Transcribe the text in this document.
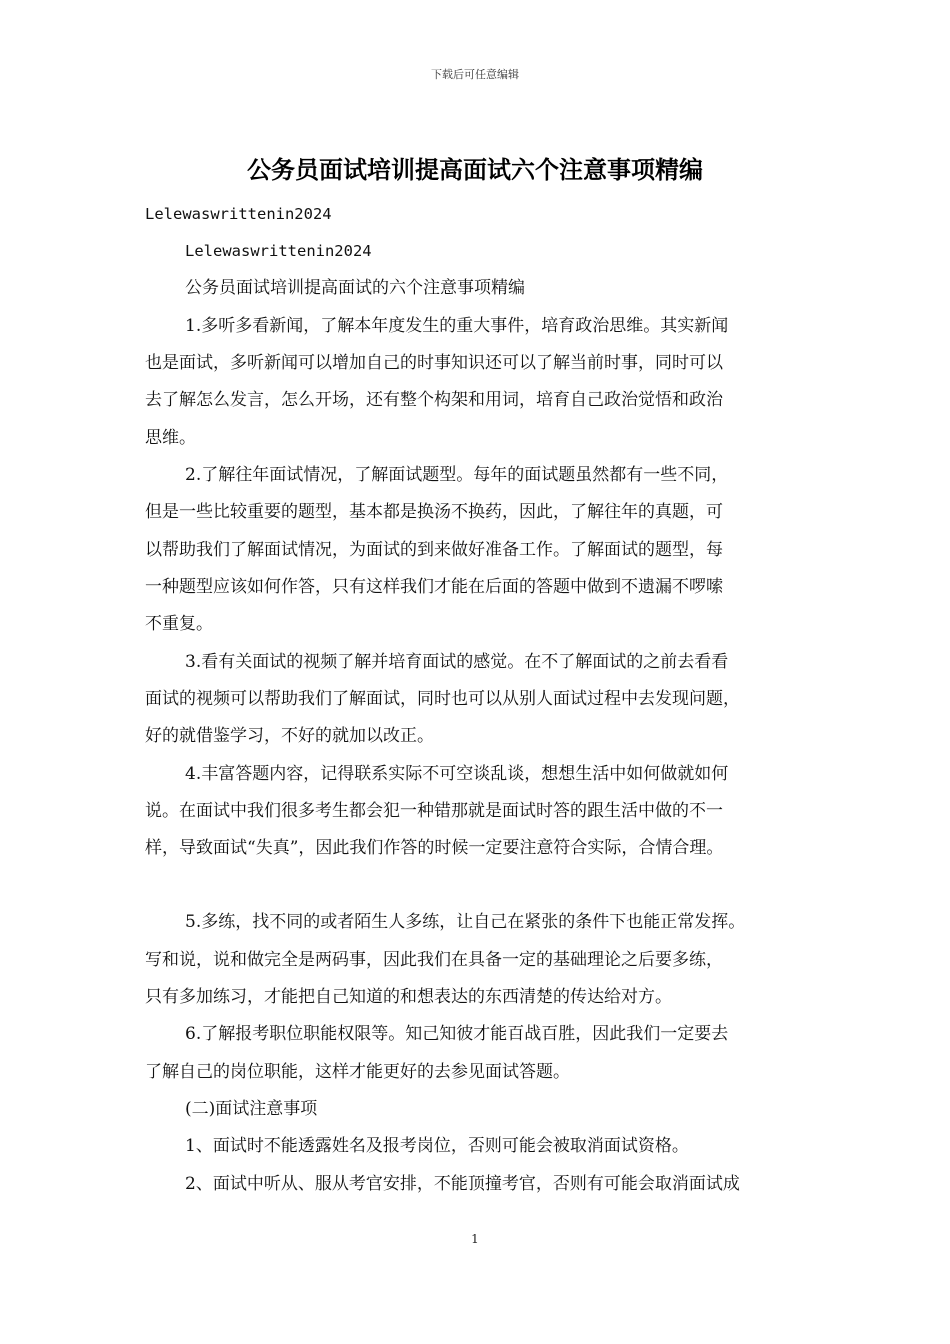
下载后可任意编辑
公务员面试培训提高面试六个注意事项精编
Lelewaswrittenin2024
Lelewaswrittenin2024
公务员面试培训提高面试的六个注意事项精编
1.多听多看新闻，了解本年度发生的重大事件，培育政治思维。其实新闻
也是面试，多听新闻可以增加自己的时事知识还可以了解当前时事，同时可以
去了解怎么发言，怎么开场，还有整个构架和用词，培育自己政治觉悟和政治
思维。
2.了解往年面试情况，了解面试题型。每年的面试题虽然都有一些不同，
但是一些比较重要的题型，基本都是换汤不换药，因此，了解往年的真题，可
以帮助我们了解面试情况，为面试的到来做好准备工作。了解面试的题型，每
一种题型应该如何作答，只有这样我们才能在后面的答题中做到不遗漏不啰嗦
不重复。
3.看有关面试的视频了解并培育面试的感觉。在不了解面试的之前去看看
面试的视频可以帮助我们了解面试，同时也可以从别人面试过程中去发现问题，
好的就借鉴学习，不好的就加以改正。
4.丰富答题内容，记得联系实际不可空谈乱谈，想想生活中如何做就如何
说。在面试中我们很多考生都会犯一种错那就是面试时答的跟生活中做的不一
样，导致面试“失真”，因此我们作答的时候一定要注意符合实际，合情合理。
5.多练，找不同的或者陌生人多练，让自己在紧张的条件下也能正常发挥。
写和说，说和做完全是两码事，因此我们在具备一定的基础理论之后要多练，
只有多加练习，才能把自己知道的和想表达的东西清楚的传达给对方。
6.了解报考职位职能权限等。知己知彼才能百战百胜，因此我们一定要去
了解自己的岗位职能，这样才能更好的去参见面试答题。
(二)面试注意事项
1、面试时不能透露姓名及报考岗位，否则可能会被取消面试资格。
2、面试中听从、服从考官安排，不能顶撞考官，否则有可能会取消面试成
1
